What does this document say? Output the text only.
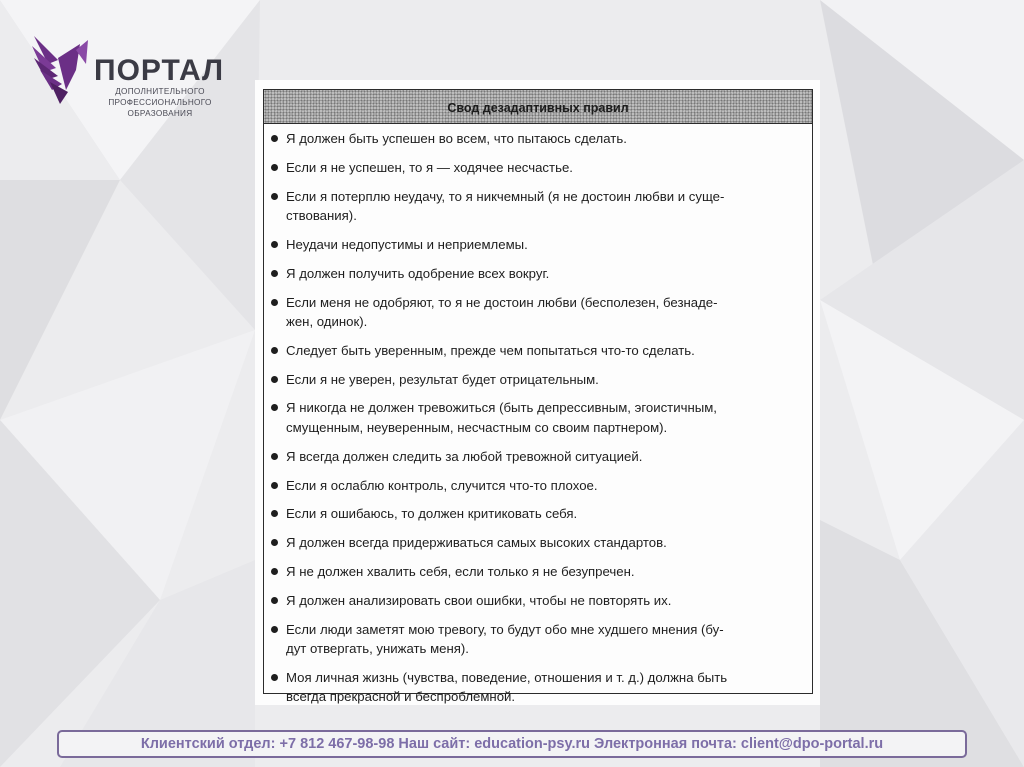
ПОРТАЛ
ДОПОЛНИТЕЛЬНОГО
ПРОФЕССИОНАЛЬНОГО
ОБРАЗОВАНИЯ	Свод дезадаптивных правил
Я должен быть успешен во всем, что пытаюсь сделать.
Если я не успешен, то я — ходячее несчастье.
Если я потерплю неудачу, то я никчемный (я не достоин любви и суще-
ствования).
Неудачи недопустимы и неприемлемы.
Я должен получить одобрение всех вокруг.
Если меня не одобряют, то я не достоин любви (бесполезен, безнаде-
жен, одинок).
Следует быть уверенным, прежде чем попытаться что-то сделать.
Если я не уверен, результат будет отрицательным.
Я никогда не должен тревожиться (быть депрессивным, эгоистичным,
смущенным, неуверенным, несчастным со своим партнером).
Я всегда должен следить за любой тревожной ситуацией.
Если я ослаблю контроль, случится что-то плохое.
Если я ошибаюсь, то должен критиковать себя.
Я должен всегда придерживаться самых высоких стандартов.
Я не должен хвалить себя, если только я не безупречен.
Я должен анализировать свои ошибки, чтобы не повторять их.
Если люди заметят мою тревогу, то будут обо мне худшего мнения (бу-
дут отвергать, унижать меня).
Моя личная жизнь (чувства, поведение, отношения и т. д.) должна быть
всегда прекрасной и беспроблемной.
Клиентский отдел: +7 812 467-98-98 Наш сайт: education-psy.ru Электронная почта: client@dpo-portal.ru
